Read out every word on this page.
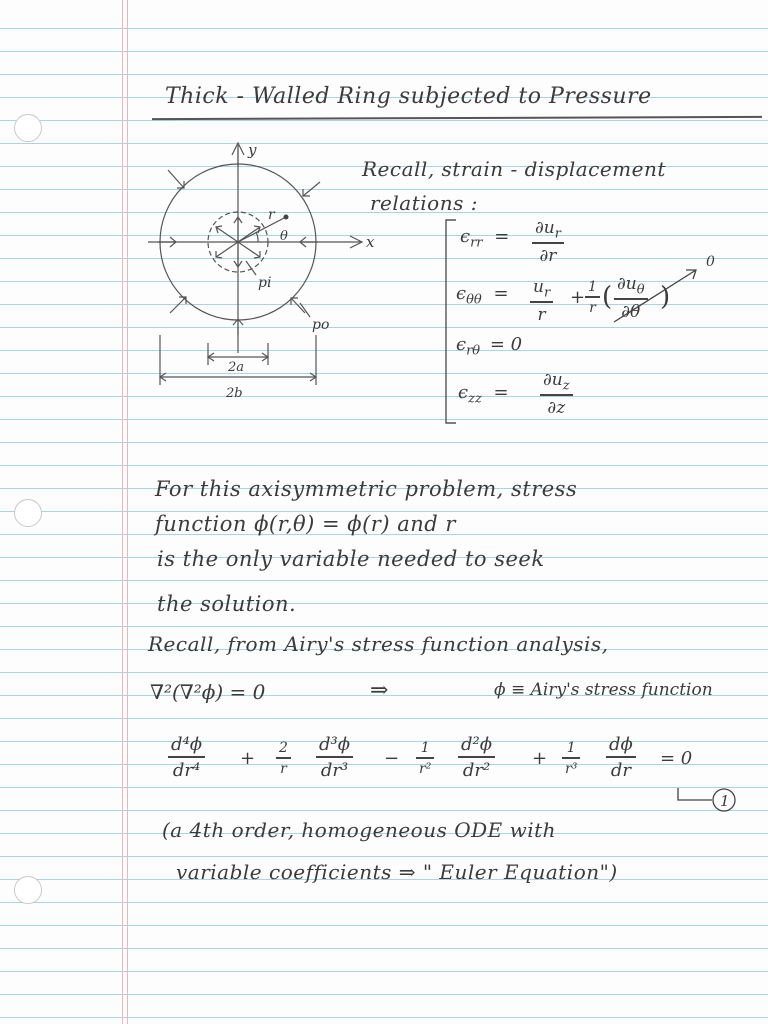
Thick - Walled Ring subjected to Pressure
y
x
r
θ
pi
po
2a
2b
Recall, strain - displacement
relations :
$\epsilon_{rr} = \partial u_r$
∂r
$\epsilon_{\theta\theta} = u_r$
r
+ 1
r ( $\partial u_\theta$
∂θ )
0
$\epsilon_{r\theta} = 0$
$\epsilon_{zz}$ =
$\partial u_z$
∂z
For this axisymmetric problem, stress
function ϕ(r,θ) = ϕ(r) and r
is the only variable needed to seek
the solution.
Recall, from Airy's stress function analysis,
∇²(∇²ϕ) = 0	⇒	ϕ ≡ Airy's stress function
d⁴ϕ
dr⁴
+ 2
r
d³ϕ
dr³
−	1
r²
d²ϕ
dr²
+	1
r³
dϕ
dr
= 0
1
(a 4th order, homogeneous ODE with
variable coefficients ⇒ " Euler Equation")
